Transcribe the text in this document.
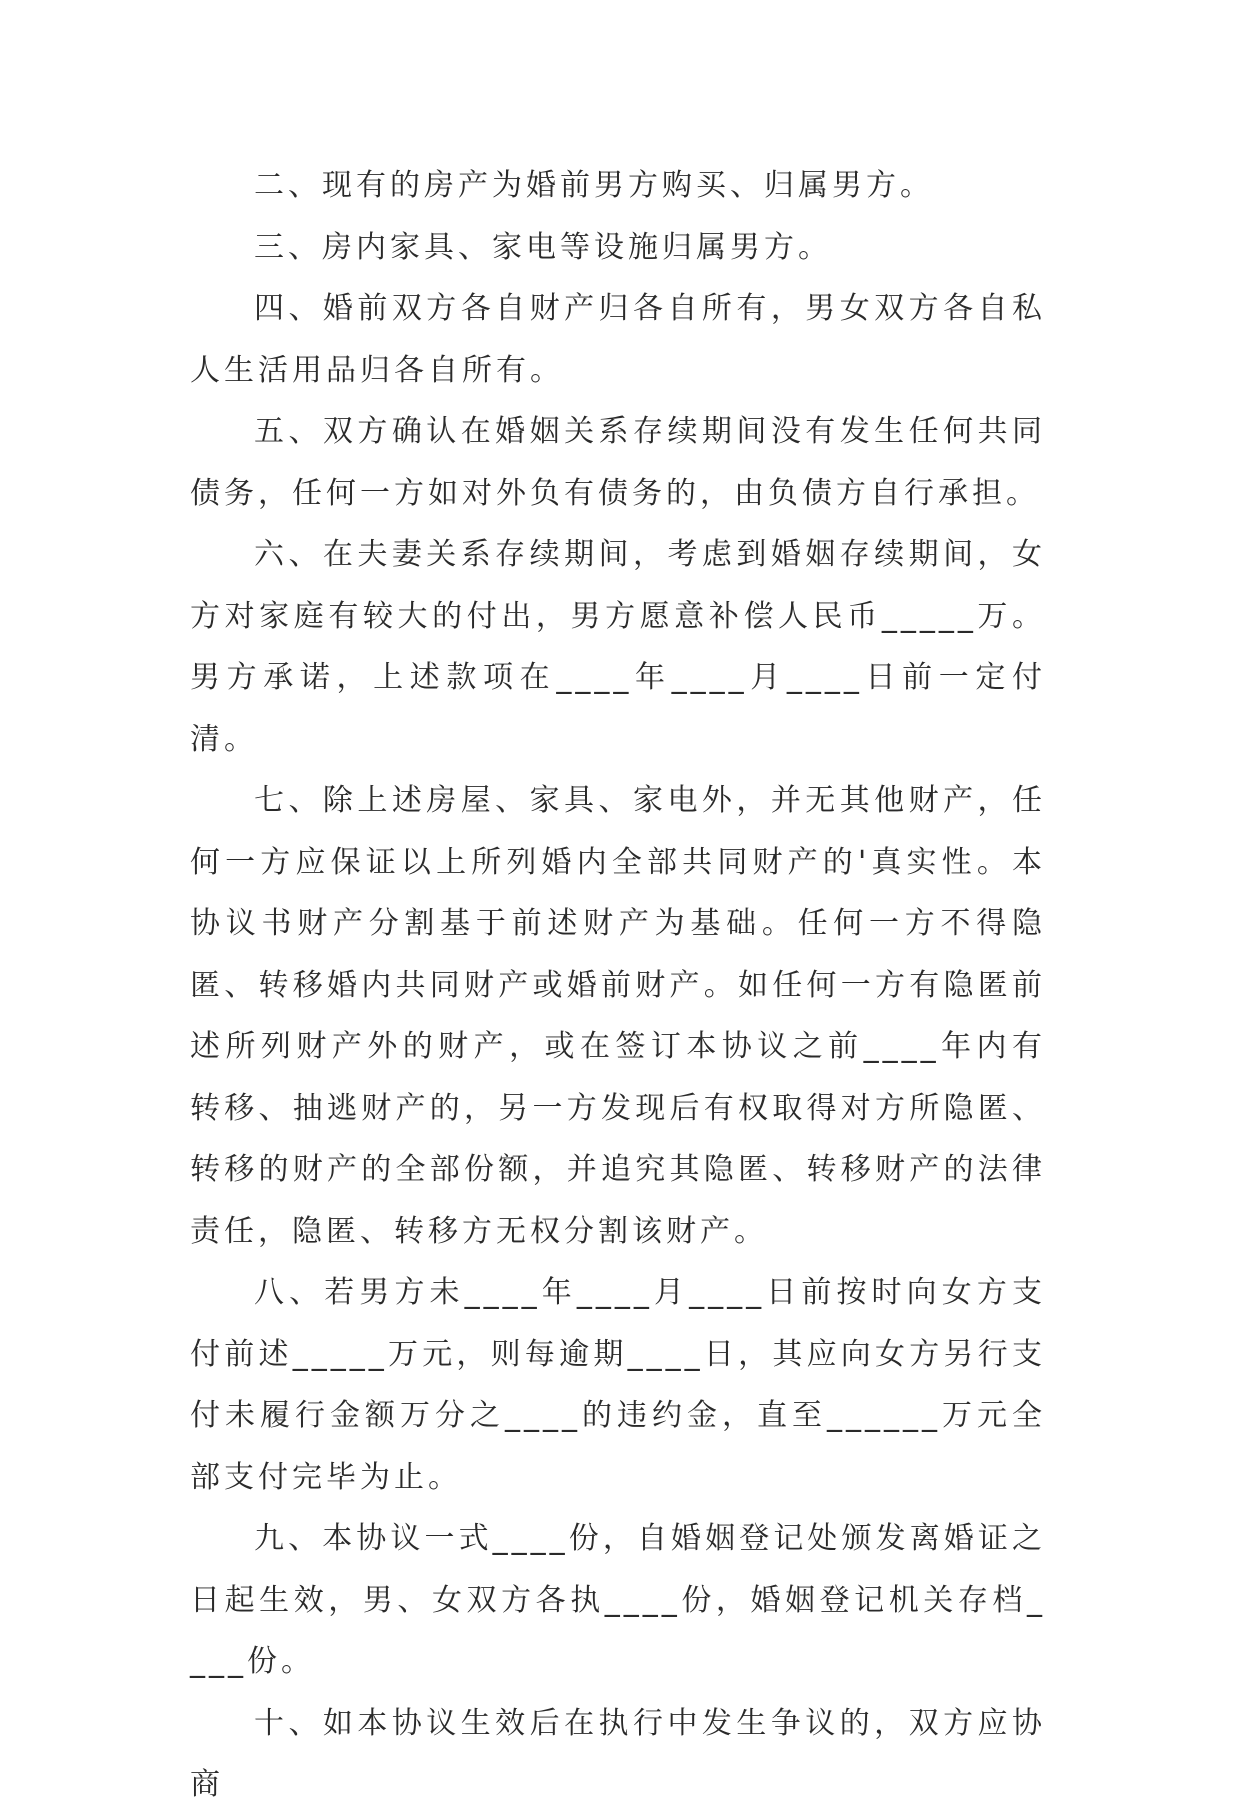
二、现有的房产为婚前男方购买、归属男方。

三、房内家具、家电等设施归属男方。

四、婚前双方各自财产归各自所有，男女双方各自私人生活用品归各自所有。

五、双方确认在婚姻关系存续期间没有发生任何共同债务，任何一方如对外负有债务的，由负债方自行承担。

六、在夫妻关系存续期间，考虑到婚姻存续期间，女方对家庭有较大的付出，男方愿意补偿人民币_____万。男方承诺，上述款项在____年____月____日前一定付清。

七、除上述房屋、家具、家电外，并无其他财产，任何一方应保证以上所列婚内全部共同财产的'真实性。本协议书财产分割基于前述财产为基础。任何一方不得隐匿、转移婚内共同财产或婚前财产。如任何一方有隐匿前述所列财产外的财产，或在签订本协议之前____年内有转移、抽逃财产的，另一方发现后有权取得对方所隐匿、转移的财产的全部份额，并追究其隐匿、转移财产的法律责任，隐匿、转移方无权分割该财产。

八、若男方未____年____月____日前按时向女方支付前述_____万元，则每逾期____日，其应向女方另行支付未履行金额万分之____的违约金，直至______万元全部支付完毕为止。

九、本协议一式____份，自婚姻登记处颁发离婚证之日起生效，男、女双方各执____份，婚姻登记机关存档____份。

十、如本协议生效后在执行中发生争议的，双方应协商
